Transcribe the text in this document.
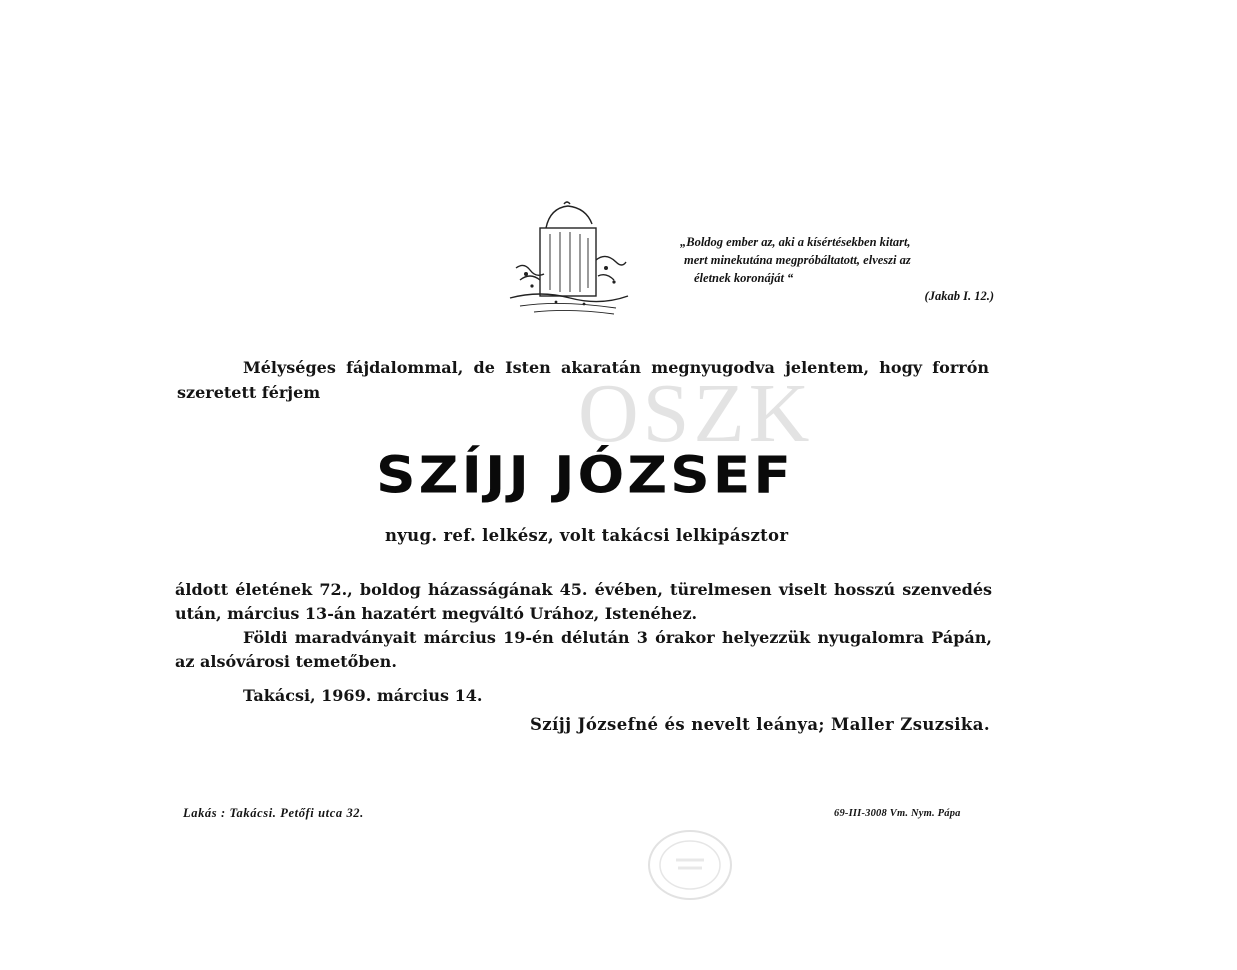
OSZK

„Boldog ember az, aki a kísértésekben kitart,

mert minekutána megpróbáltatott, elveszi az

életnek koronáját “

(Jakab I. 12.)

Mélységes fájdalommal, de Isten akaratán megnyugodva jelentem, hogy forrón

szeretett férjem

SZÍJJ JÓZSEF
nyug. ref. lelkész, volt takácsi lelkipásztor

áldott életének 72., boldog házasságának 45. évében, türelmesen viselt hosszú szenvedés

után, március 13-án hazatért megváltó Urához, Istenéhez.

Földi maradványait március 19-én délután 3 órakor helyezzük nyugalomra Pápán,

az alsóvárosi temetőben.

Takácsi, 1969. március 14.
Szíjj Józsefné és nevelt leánya; Maller Zsuzsika.
Lakás : Takácsi. Petőfi utca 32.	69-III-3008 Vm. Nym. Pápa
